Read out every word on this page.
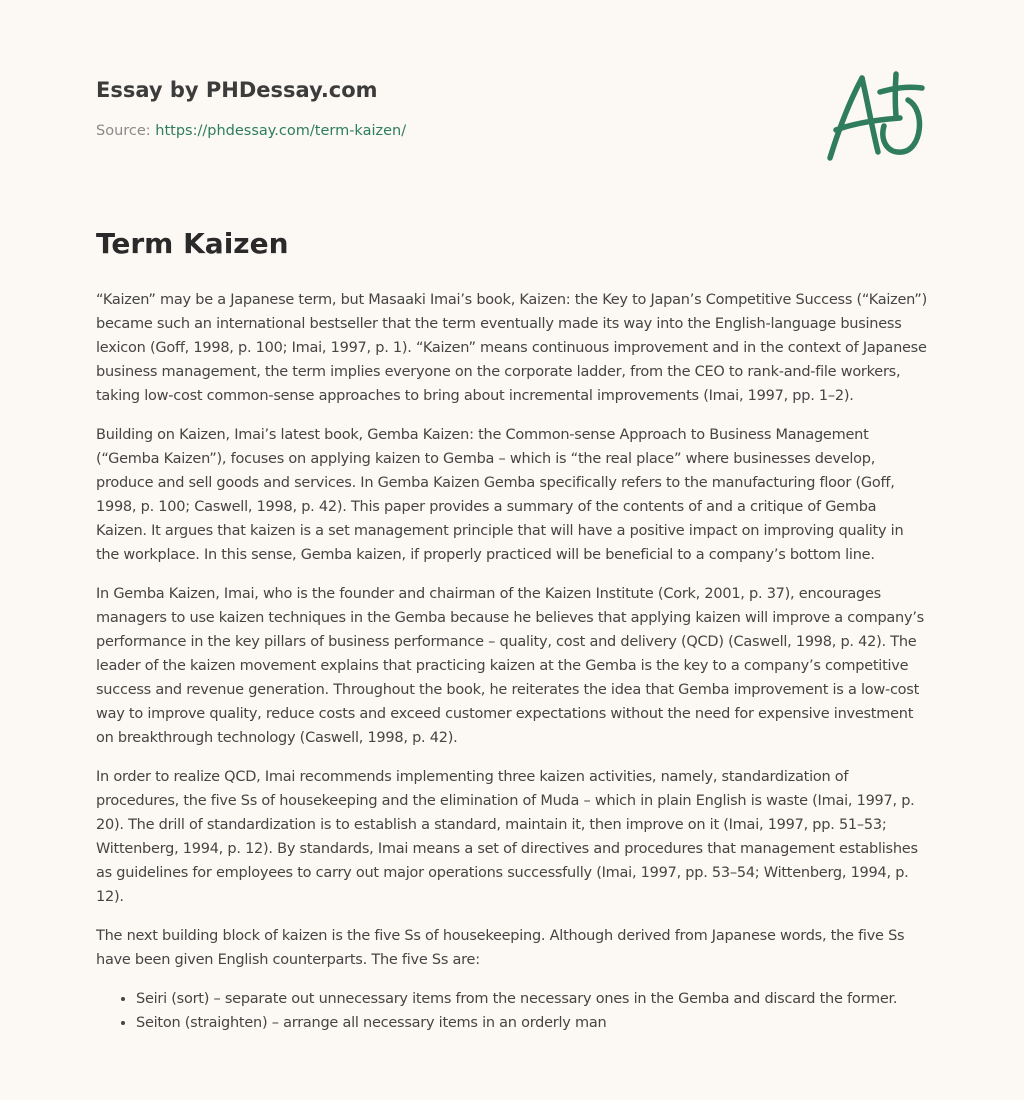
Essay by PHDessay.com
Source: https://phdessay.com/term-kaizen/
Term Kaizen

“Kaizen” may be a Japanese term, but Masaaki Imai’s book, Kaizen: the Key to Japan’s Competitive Success (“Kaizen”) became such an international bestseller that the term eventually made its way into the English-language business lexicon (Goff, 1998, p. 100; Imai, 1997, p. 1). “Kaizen” means continuous improvement and in the context of Japanese business management, the term implies everyone on the corporate ladder, from the CEO to rank-and-file workers, taking low-cost common-sense approaches to bring about incremental improvements (Imai, 1997, pp. 1–2).

Building on Kaizen, Imai’s latest book, Gemba Kaizen: the Common-sense Approach to Business Management (“Gemba Kaizen”), focuses on applying kaizen to Gemba – which is “the real place” where businesses develop, produce and sell goods and services. In Gemba Kaizen Gemba specifically refers to the manufacturing floor (Goff, 1998, p. 100; Caswell, 1998, p. 42). This paper provides a summary of the contents of and a critique of Gemba Kaizen. It argues that kaizen is a set management principle that will have a positive impact on improving quality in the workplace. In this sense, Gemba kaizen, if properly practiced will be beneficial to a company’s bottom line.

In Gemba Kaizen, Imai, who is the founder and chairman of the Kaizen Institute (Cork, 2001, p. 37), encourages managers to use kaizen techniques in the Gemba because he believes that applying kaizen will improve a company’s performance in the key pillars of business performance – quality, cost and delivery (QCD) (Caswell, 1998, p. 42). The leader of the kaizen movement explains that practicing kaizen at the Gemba is the key to a company’s competitive success and revenue generation. Throughout the book, he reiterates the idea that Gemba improvement is a low-cost way to improve quality, reduce costs and exceed customer expectations without the need for expensive investment on breakthrough technology (Caswell, 1998, p. 42).

In order to realize QCD, Imai recommends implementing three kaizen activities, namely, standardization of procedures, the five Ss of housekeeping and the elimination of Muda – which in plain English is waste (Imai, 1997, p. 20). The drill of standardization is to establish a standard, maintain it, then improve on it (Imai, 1997, pp. 51–53; Wittenberg, 1994, p. 12). By standards, Imai means a set of directives and procedures that management establishes as guidelines for employees to carry out major operations successfully (Imai, 1997, pp. 53–54; Wittenberg, 1994, p. 12).

The next building block of kaizen is the five Ss of housekeeping. Although derived from Japanese words, the five Ss have been given English counterparts. The five Ss are:

• Seiri (sort) – separate out unnecessary items from the necessary ones in the Gemba and discard the former.
• Seiton (straighten) – arrange all necessary items in an orderly man
